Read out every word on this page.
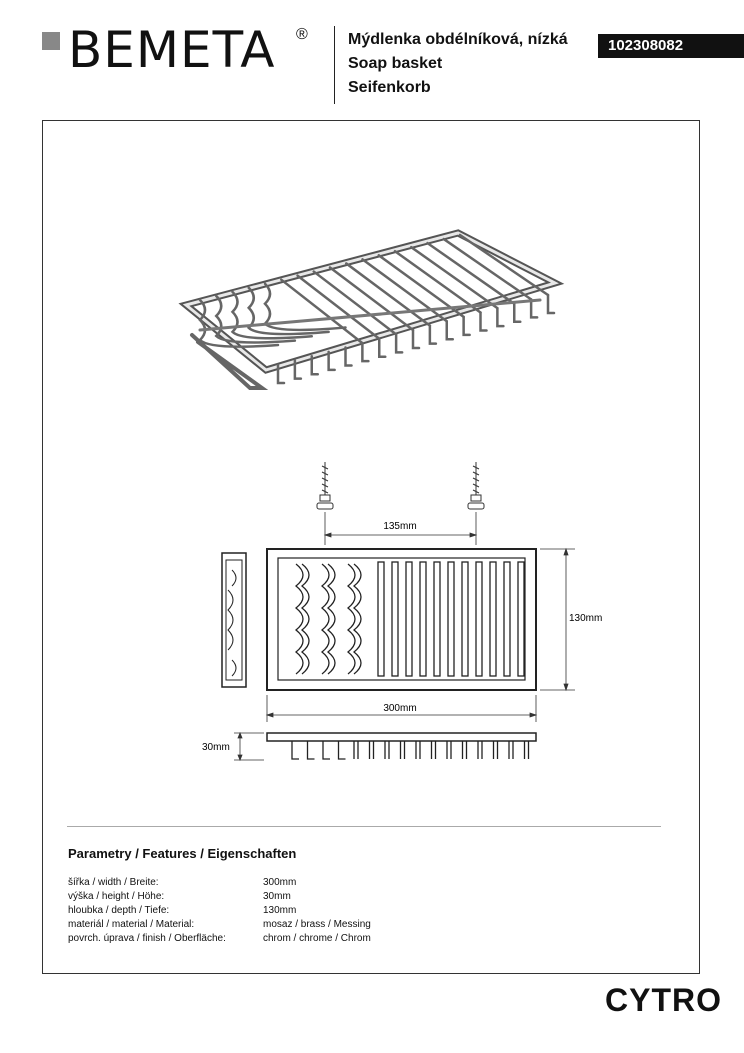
BEMETA ®	Mýdlenka obdélníková, nízká
Soap basket
Seifenkorb
102308082
135mm
130mm
300mm
30mm
Parametry / Features / Eigenschaften
šířka / width / Breite:	300mm
výška / height / Höhe:	30mm
hloubka / depth / Tiefe:	130mm
materiál / material / Material:	mosaz / brass / Messing
povrch. úprava / finish / Oberfläche:	chrom / chrome / Chrom
CYTRO
